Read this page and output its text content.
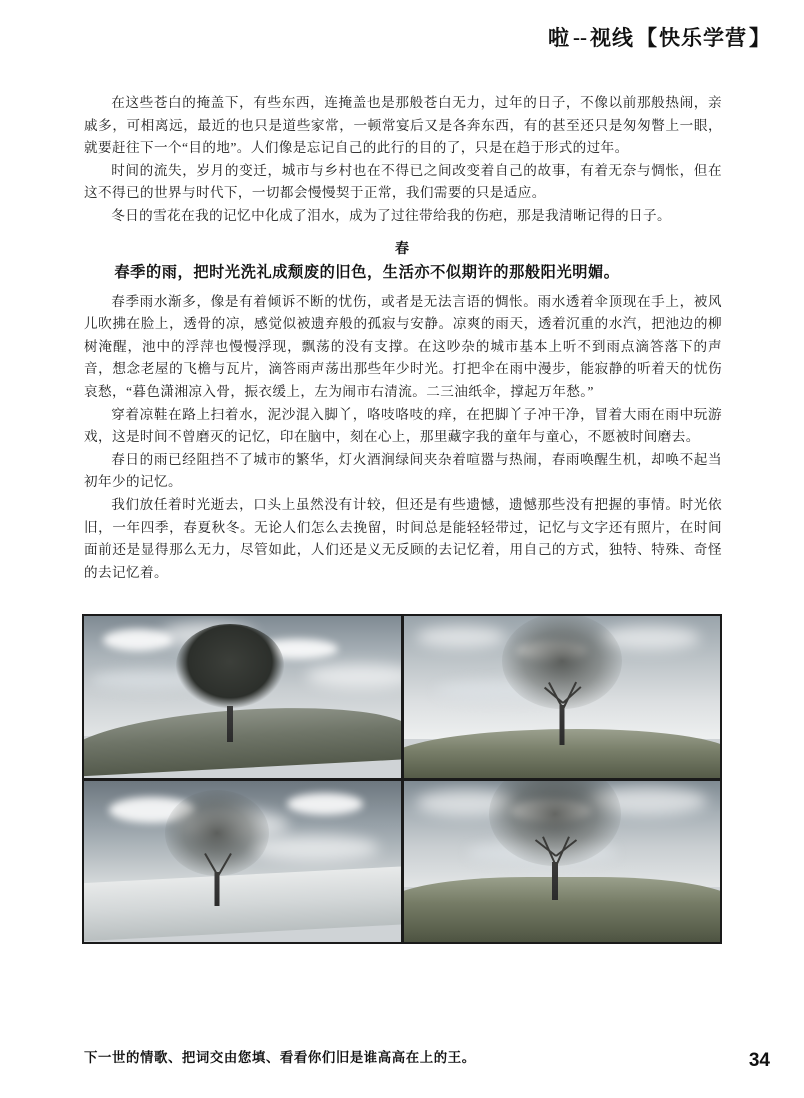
啦 -- 视线 【 快乐学营 】

在这些苍白的掩盖下，有些东西，连掩盖也是那般苍白无力，过年的日子，不像以前那般热闹，亲戚多，可相离远，最近的也只是道些家常，一顿常宴后又是各奔东西，有的甚至还只是匆匆瞥上一眼，就要赶往下一个“目的地”。人们像是忘记自己的此行的目的了，只是在趋于形式的过年。

时间的流失，岁月的变迁，城市与乡村也在不得已之间改变着自己的故事，有着无奈与惆怅，但在这不得已的世界与时代下，一切都会慢慢契于正常，我们需要的只是适应。

冬日的雪花在我的记忆中化成了泪水，成为了过往带给我的伤疤，那是我清晰记得的日子。

春

春季的雨，把时光洗礼成颓废的旧色，生活亦不似期许的那般阳光明媚。

春季雨水渐多，像是有着倾诉不断的忧伤，或者是无法言语的惆怅。雨水透着伞顶现在手上，被风儿吹拂在脸上，透骨的凉，感觉似被遗弃般的孤寂与安静。凉爽的雨天，透着沉重的水汽，把池边的柳树淹醒，池中的浮萍也慢慢浮现，飘荡的没有支撑。在这吵杂的城市基本上听不到雨点滴答落下的声音，想念老屋的飞檐与瓦片，滴答雨声荡出那些年少时光。打把伞在雨中漫步，能寂静的听着天的忧伤哀愁，“暮色潇湘凉入骨，振衣缓上，左为闹市右清流。二三油纸伞，撑起万年愁。”

穿着凉鞋在路上扫着水，泥沙混入脚丫，咯吱咯吱的痒，在把脚丫子冲干净，冒着大雨在雨中玩游戏，这是时间不曾磨灭的记忆，印在脑中，刻在心上，那里藏字我的童年与童心，不愿被时间磨去。

春日的雨已经阻挡不了城市的繁华，灯火酒涧绿间夹杂着喧嚣与热闹，春雨唤醒生机，却唤不起当初年少的记忆。

我们放任着时光逝去，口头上虽然没有计较，但还是有些遗憾，遗憾那些没有把握的事情。时光依旧，一年四季，春夏秋冬。无论人们怎么去挽留，时间总是能轻轻带过，记忆与文字还有照片，在时间面前还是显得那么无力，尽管如此，人们还是义无反顾的去记忆着，用自己的方式，独特、特殊、奇怪的去记忆着。

下一世的情歌、把词交由您填、看看你们旧是谁高高在上的王。	34
